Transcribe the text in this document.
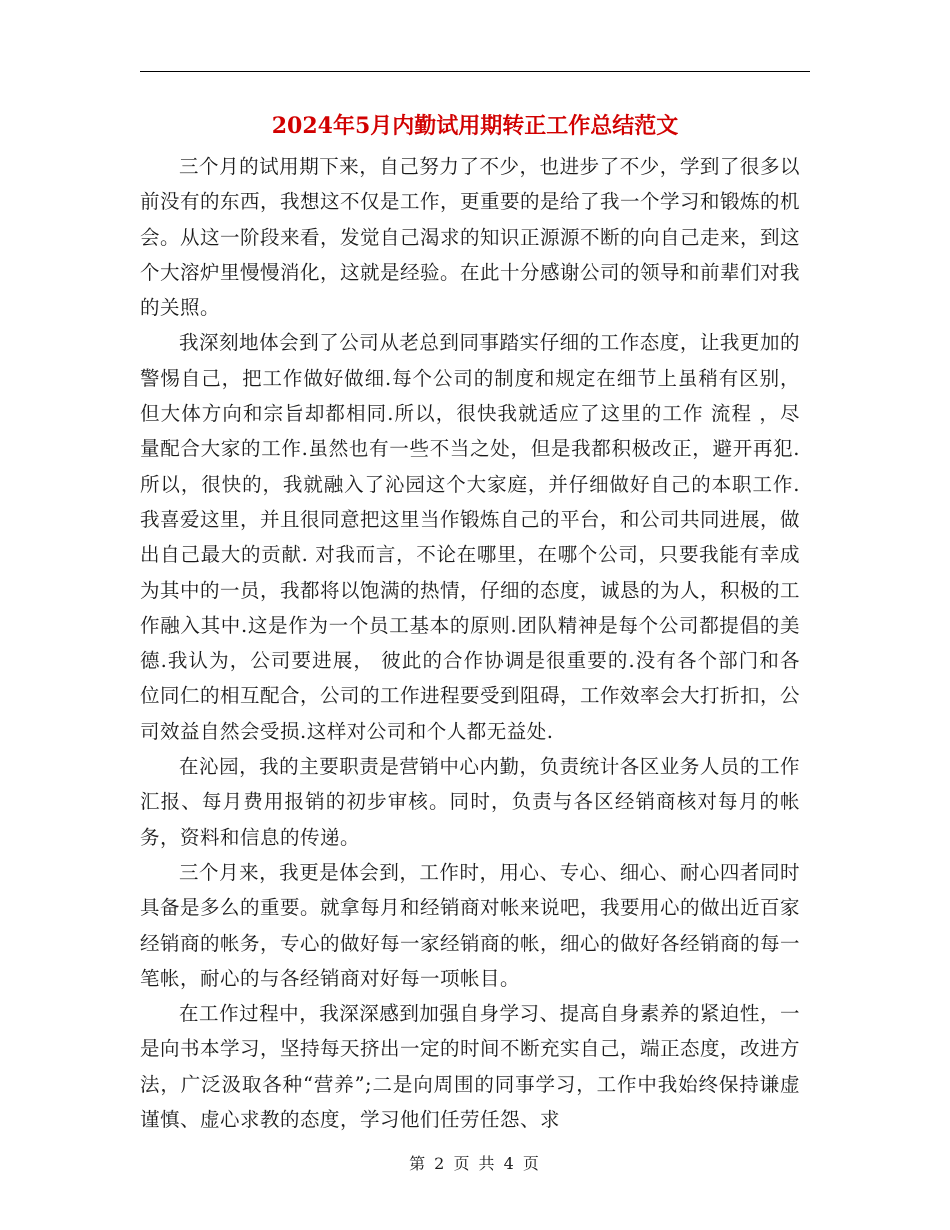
2024年5月内勤试用期转正工作总结范文

三个月的试用期下来，自己努力了不少，也进步了不少，学到了很多以前没有的东西，我想这不仅是工作，更重要的是给了我一个学习和锻炼的机会。从这一阶段来看，发觉自己渴求的知识正源源不断的向自己走来，到这个大溶炉里慢慢消化，这就是经验。在此十分感谢公司的领导和前辈们对我的关照。

我深刻地体会到了公司从老总到同事踏实仔细的工作态度，让我更加的警惕自己，把工作做好做细.每个公司的制度和规定在细节上虽稍有区别，但大体方向和宗旨却都相同.所以，很快我就适应了这里的工作 流程 ，尽量配合大家的工作.虽然也有一些不当之处，但是我都积极改正，避开再犯.所以，很快的，我就融入了沁园这个大家庭，并仔细做好自己的本职工作.我喜爱这里，并且很同意把这里当作锻炼自己的平台，和公司共同进展，做出自己最大的贡献. 对我而言，不论在哪里，在哪个公司，只要我能有幸成为其中的一员，我都将以饱满的热情，仔细的态度，诚恳的为人，积极的工作融入其中.这是作为一个员工基本的原则.团队精神是每个公司都提倡的美德.我认为，公司要进展， 彼此的合作协调是很重要的.没有各个部门和各位同仁的相互配合，公司的工作进程要受到阻碍，工作效率会大打折扣，公司效益自然会受损.这样对公司和个人都无益处.

在沁园，我的主要职责是营销中心内勤，负责统计各区业务人员的工作汇报、每月费用报销的初步审核。同时，负责与各区经销商核对每月的帐务，资料和信息的传递。

三个月来，我更是体会到，工作时，用心、专心、细心、耐心四者同时具备是多么的重要。就拿每月和经销商对帐来说吧，我要用心的做出近百家经销商的帐务，专心的做好每一家经销商的帐，细心的做好各经销商的每一笔帐，耐心的与各经销商对好每一项帐目。

在工作过程中，我深深感到加强自身学习、提高自身素养的紧迫性，一是向书本学习，坚持每天挤出一定的时间不断充实自己，端正态度，改进方法，广泛汲取各种“营养”;二是向周围的同事学习，工作中我始终保持谦虚谨慎、虚心求教的态度，学习他们任劳任怨、求

第 2 页 共 4 页
